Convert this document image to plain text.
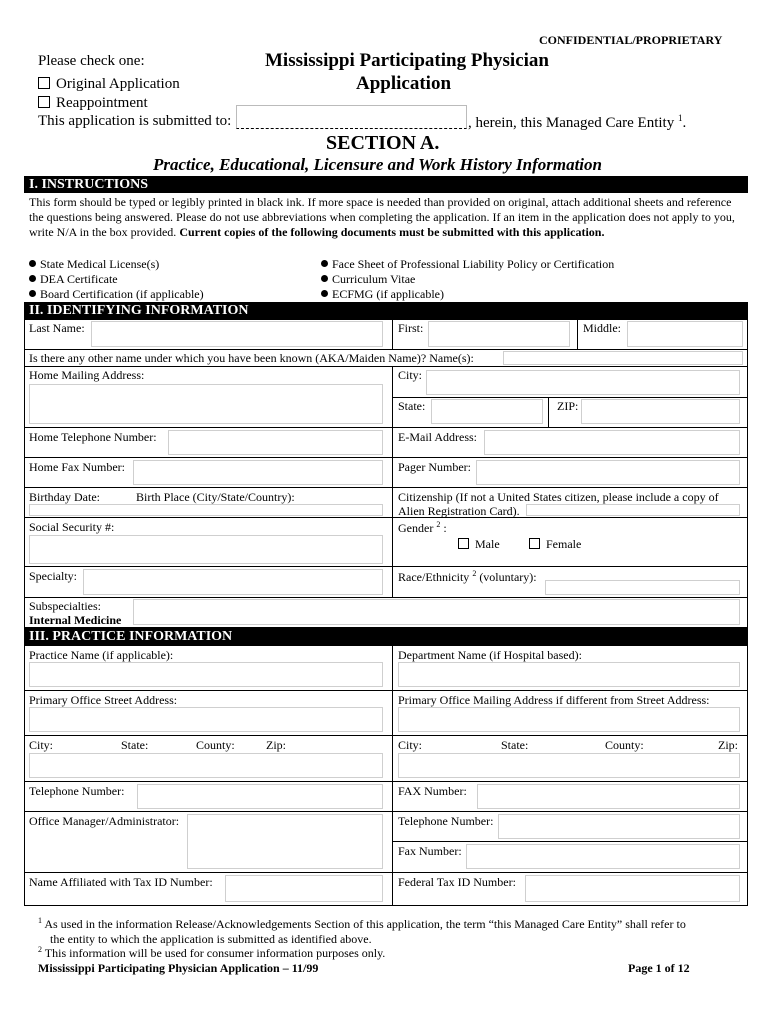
CONFIDENTIAL/PROPRIETARY
Please check one:
Original Application
Reappointment
Mississippi Participating Physician
Application
This application is submitted to:	, herein, this Managed Care Entity $^1$.
SECTION A.
Practice, Educational, Licensure and Work History Information
I. INSTRUCTIONS
This form should be typed or legibly printed in black ink. If more space is needed than provided on original, attach additional sheets and reference the questions being answered. Please do not use abbreviations when completing the application. If an item in the application does not apply to you, write N/A in the box provided. Current copies of the following documents must be submitted with this application.
State Medical License(s)
DEA Certificate
Board Certification (if applicable)
Face Sheet of Professional Liability Policy or Certification
Curriculum Vitae
ECFMG (if applicable)
II. IDENTIFYING INFORMATION
Last Name:	First:	Middle:
Is there any other name under which you have been known (AKA/Maiden Name)? Name(s):
Home Mailing Address:	City:
State:	ZIP:
Home Telephone Number:	E-Mail Address:
Home Fax Number:	Pager Number:
Birthday Date:	Birth Place (City/State/Country):	Citizenship (If not a United States citizen, please include a copy of
Alien Registration Card).
Social Security #:	Gender $^2$ :
Male	Female
Specialty:	Race/Ethnicity $^2$ (voluntary):
Subspecialties:
Internal Medicine
III. PRACTICE INFORMATION
Practice Name (if applicable):	Department Name (if Hospital based):
Primary Office Street Address:	Primary Office Mailing Address if different from Street Address:
City:	State:	County:	Zip:	City:	State:	County:	Zip:
Telephone Number:	FAX Number:
Office Manager/Administrator:	Telephone Number:
Fax Number:
Name Affiliated with Tax ID Number:	Federal Tax ID Number:
$^1$ As used in the information Release/Acknowledgements Section of this application, the term “this Managed Care Entity” shall refer to
the entity to which the application is submitted as identified above.
$^2$ This information will be used for consumer information purposes only.
Mississippi Participating Physician Application – 11/99	Page 1 of 12
